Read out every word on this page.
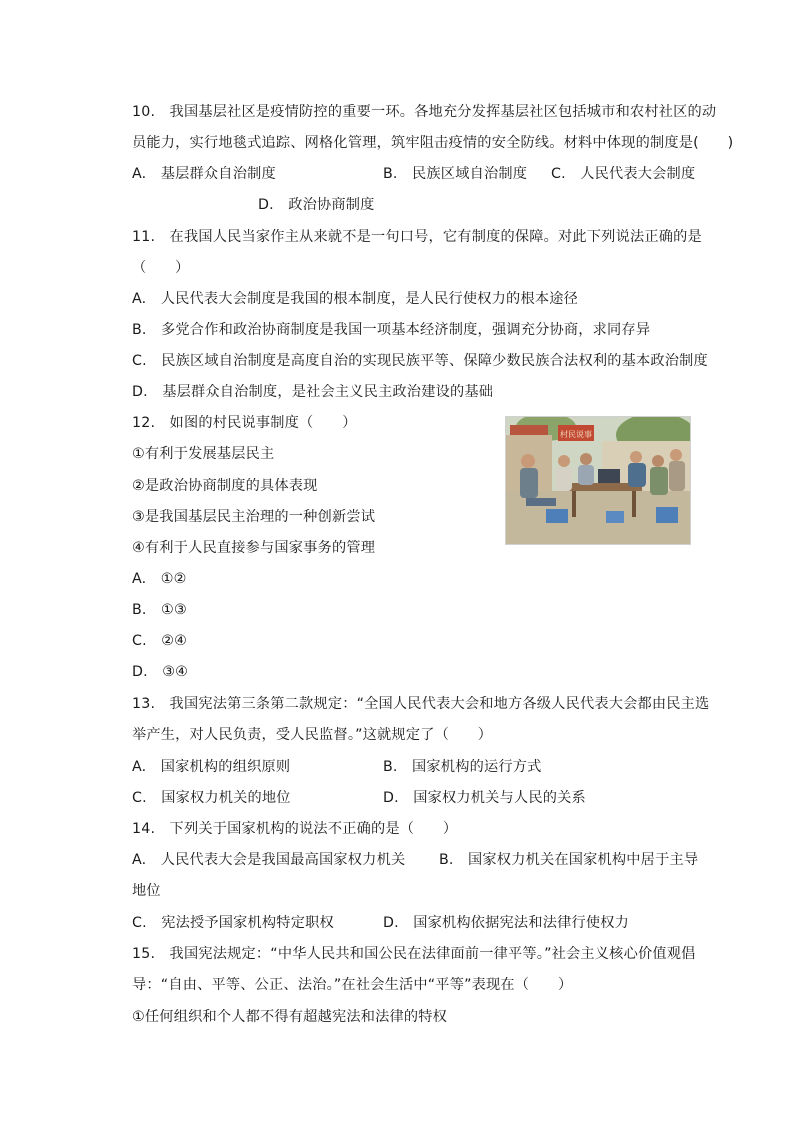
10.　我国基层社区是疫情防控的重要一环。各地充分发挥基层社区包括城市和农村社区的动
员能力，实行地毯式追踪、网格化管理，筑牢阻击疫情的安全防线。材料中体现的制度是(　　)
A.　基层群众自治制度	B.　民族区域自治制度 C.　人民代表大会制度
D.　政治协商制度
11.　在我国人民当家作主从来就不是一句口号，它有制度的保障。对此下列说法正确的是
（　　）
A.　人民代表大会制度是我国的根本制度，是人民行使权力的根本途径
B.　多党合作和政治协商制度是我国一项基本经济制度，强调充分协商，求同存异
C.　民族区域自治制度是高度自治的实现民族平等、保障少数民族合法权利的基本政治制度
D.　基层群众自治制度，是社会主义民主政治建设的基础
12.　如图的村民说事制度（　　）
①有利于发展基层民主
②是政治协商制度的具体表现
③是我国基层民主治理的一种创新尝试
④有利于人民直接参与国家事务的管理
A.　①②
B.　①③
C.　②④
D.　③④
村民说事
13.　我国宪法第三条第二款规定：“全国人民代表大会和地方各级人民代表大会都由民主选
举产生，对人民负责，受人民监督。”这就规定了（　　）
A.　国家机构的组织原则	B.　国家机构的运行方式
C.　国家权力机关的地位	D.　国家权力机关与人民的关系
14.　下列关于国家机构的说法不正确的是（　　）
A.　人民代表大会是我国最高国家权力机关 B.　国家权力机关在国家机构中居于主导
地位
C.　宪法授予国家机构特定职权	D.　国家机构依据宪法和法律行使权力
15.　我国宪法规定：“中华人民共和国公民在法律面前一律平等。”社会主义核心价值观倡
导：“自由、平等、公正、法治。”在社会生活中“平等”表现在（　　）
①任何组织和个人都不得有超越宪法和法律的特权
